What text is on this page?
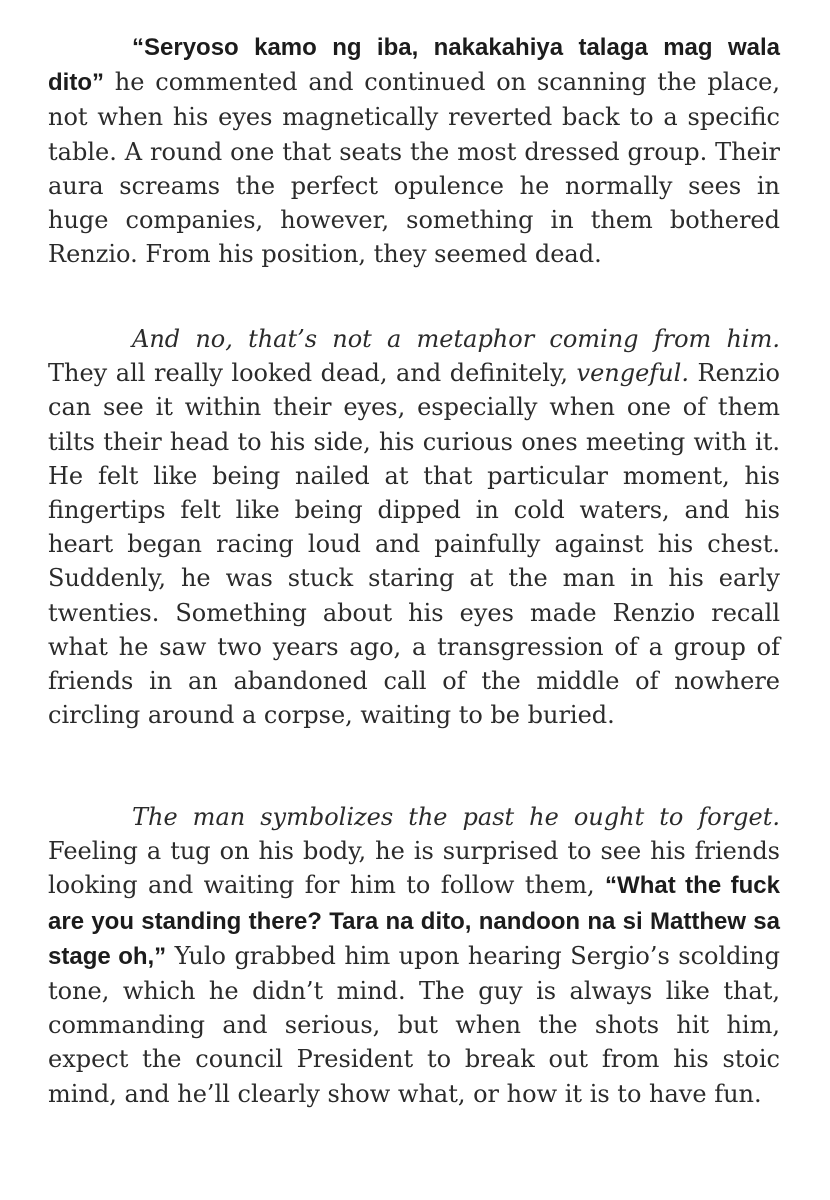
“Seryoso kamo ng iba, nakakahiya talaga mag wala dito” he commented and continued on scanning the place, not when his eyes magnetically reverted back to a specific table. A round one that seats the most dressed group. Their aura screams the perfect opulence he normally sees in huge companies, however, something in them bothered Renzio. From his position, they seemed dead.

And no, that’s not a metaphor coming from him. They all really looked dead, and definitely, vengeful. Renzio can see it within their eyes, especially when one of them tilts their head to his side, his curious ones meeting with it. He felt like being nailed at that particular moment, his fingertips felt like being dipped in cold waters, and his heart began racing loud and painfully against his chest. Suddenly, he was stuck staring at the man in his early twenties. Something about his eyes made Renzio recall what he saw two years ago, a transgression of a group of friends in an abandoned call of the middle of nowhere circling around a corpse, waiting to be buried.

The man symbolizes the past he ought to forget. Feeling a tug on his body, he is surprised to see his friends looking and waiting for him to follow them, “What the fuck are you standing there? Tara na dito, nandoon na si Matthew sa stage oh,” Yulo grabbed him upon hearing Sergio’s scolding tone, which he didn’t mind. The guy is always like that, commanding and serious, but when the shots hit him, expect the council President to break out from his stoic mind, and he’ll clearly show what, or how it is to have fun.
